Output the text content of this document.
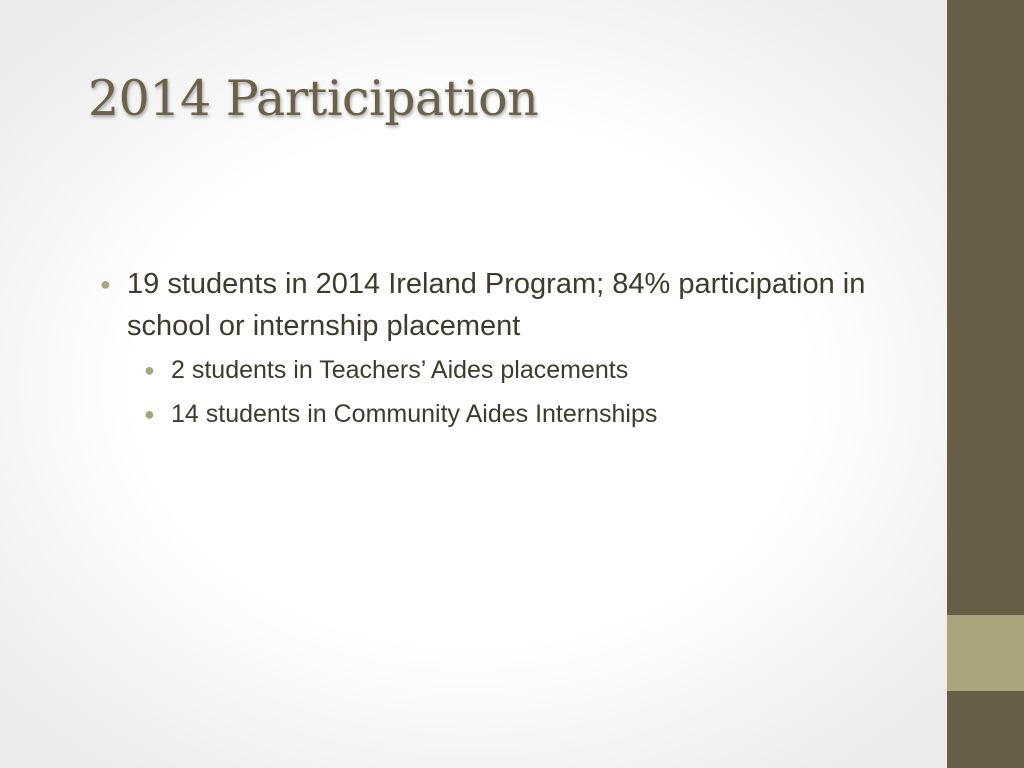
2014 Participation
● 19 students in 2014 Ireland Program; 84% participation in school or internship placement
● 2 students in Teachers’ Aides placements
● 14 students in Community Aides Internships
